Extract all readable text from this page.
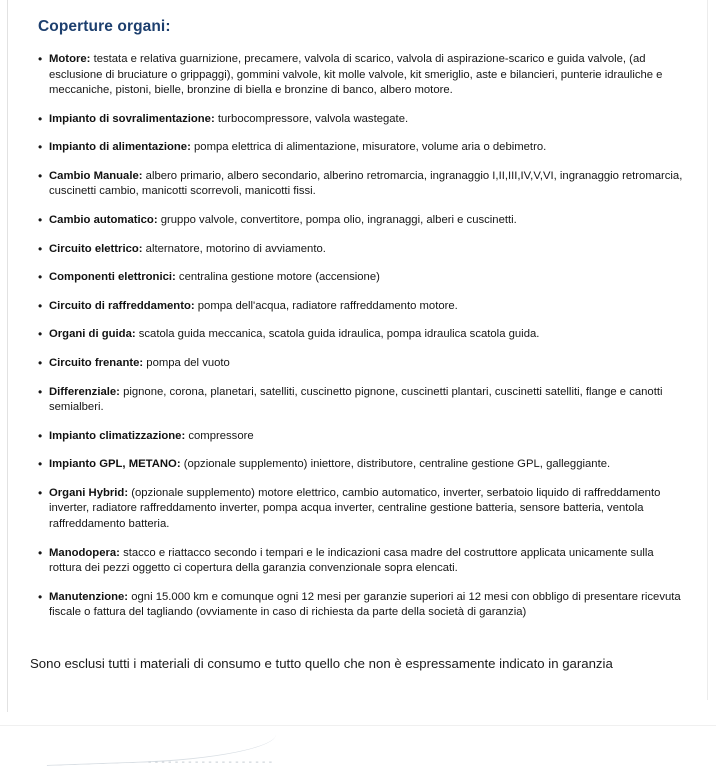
Coperture organi:
• Motore: testata e relativa guarnizione, precamere, valvola di scarico, valvola di aspirazione-scarico e guida valvole, (ad esclusione di bruciature o grippaggi), gommini valvole, kit molle valvole, kit smeriglio, aste e bilancieri, punterie idrauliche e meccaniche, pistoni, bielle, bronzine di biella e bronzine di banco, albero motore.
• Impianto di sovralimentazione: turbocompressore, valvola wastegate.
• Impianto di alimentazione: pompa elettrica di alimentazione, misuratore, volume aria o debimetro.
• Cambio Manuale: albero primario, albero secondario, alberino retromarcia, ingranaggio I,II,III,IV,V,VI, ingranaggio retromarcia, cuscinetti cambio, manicotti scorrevoli, manicotti fissi.
• Cambio automatico: gruppo valvole, convertitore, pompa olio, ingranaggi, alberi e cuscinetti.
• Circuito elettrico: alternatore, motorino di avviamento.
• Componenti elettronici: centralina gestione motore (accensione)
• Circuito di raffreddamento: pompa dell'acqua, radiatore raffreddamento motore.
• Organi di guida: scatola guida meccanica, scatola guida idraulica, pompa idraulica scatola guida.
• Circuito frenante: pompa del vuoto
• Differenziale: pignone, corona, planetari, satelliti, cuscinetto pignone, cuscinetti plantari, cuscinetti satelliti, flange e canotti semialberi.
• Impianto climatizzazione: compressore
• Impianto GPL, METANO: (opzionale supplemento) iniettore, distributore, centraline gestione GPL, galleggiante.
• Organi Hybrid: (opzionale supplemento) motore elettrico, cambio automatico, inverter, serbatoio liquido di raffreddamento inverter, radiatore raffreddamento inverter, pompa acqua inverter, centraline gestione batteria, sensore batteria, ventola raffreddamento batteria.
• Manodopera: stacco e riattacco secondo i tempari e le indicazioni casa madre del costruttore applicata unicamente sulla rottura dei pezzi oggetto ci copertura della garanzia convenzionale sopra elencati.
• Manutenzione: ogni 15.000 km e comunque ogni 12 mesi per garanzie superiori ai 12 mesi con obbligo di presentare ricevuta fiscale o fattura del tagliando (ovviamente in caso di richiesta da parte della società di garanzia)

Sono esclusi tutti i materiali di consumo e tutto quello che non è espressamente indicato in garanzia

- - - - - - - - - - - - - - - - - - -
